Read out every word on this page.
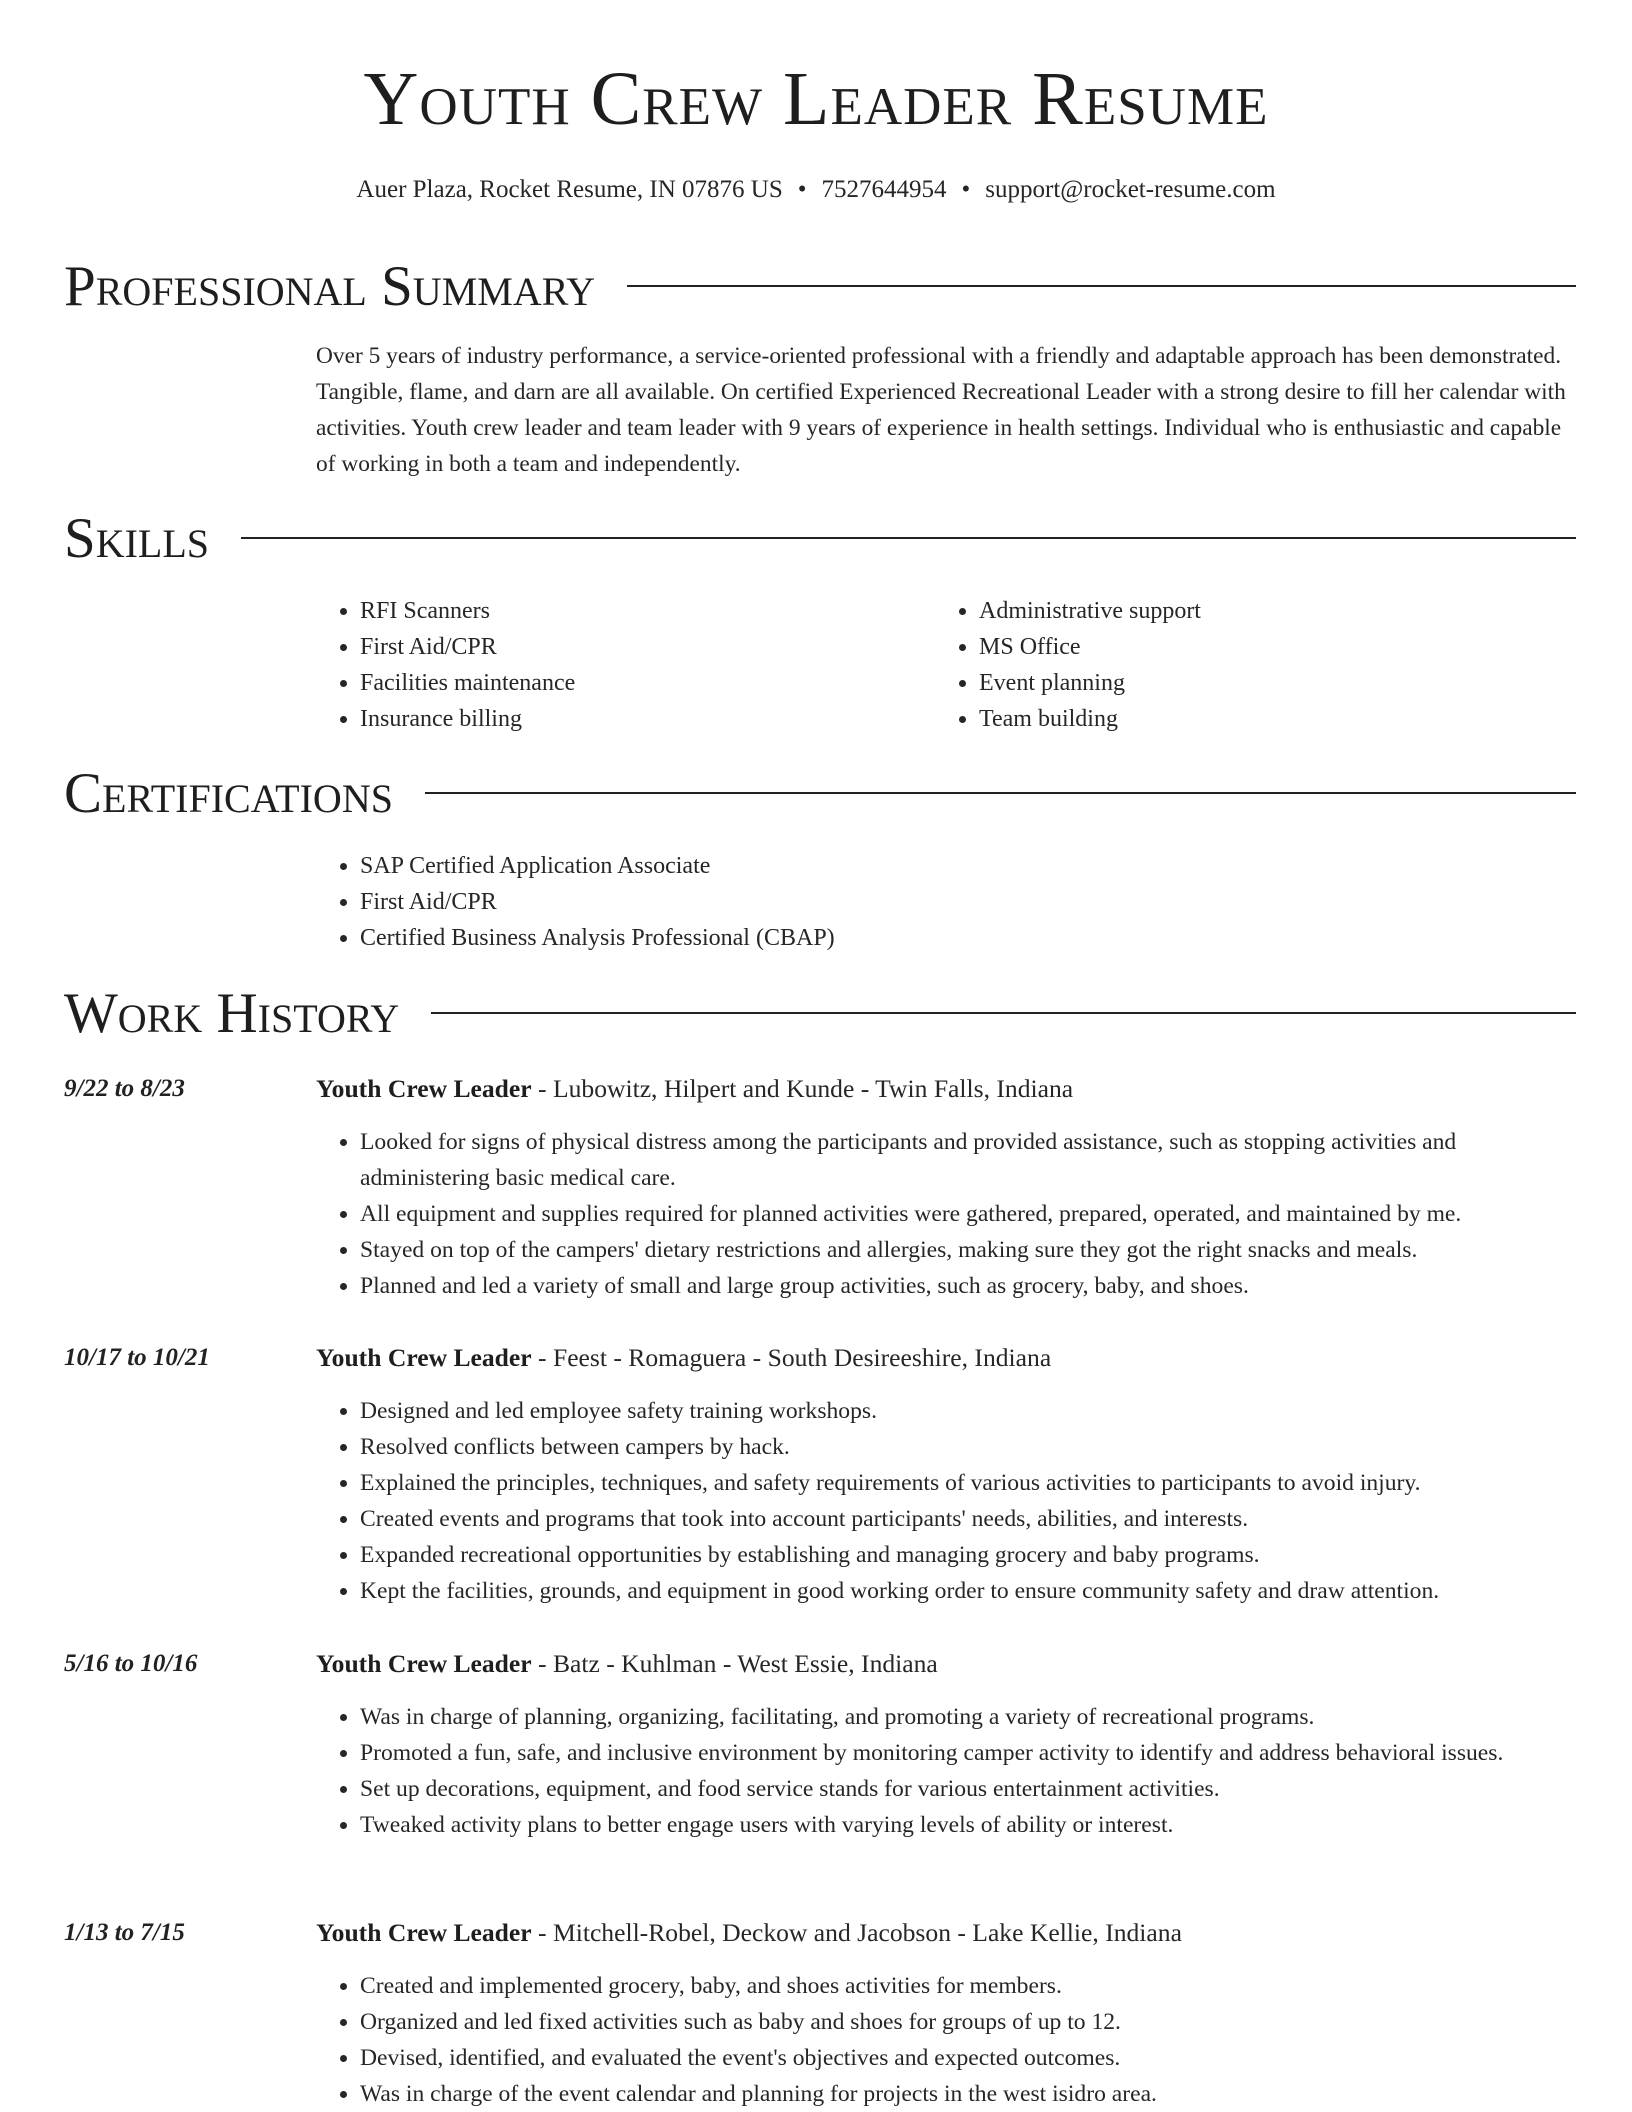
Youth Crew Leader Resume
Auer Plaza, Rocket Resume, IN 07876 US • 7527644954 • support@rocket-resume.com
Professional Summary
Over 5 years of industry performance, a service-oriented professional with a friendly and adaptable approach has been demonstrated. Tangible, flame, and darn are all available. On certified Experienced Recreational Leader with a strong desire to fill her calendar with activities. Youth crew leader and team leader with 9 years of experience in health settings. Individual who is enthusiastic and capable of working in both a team and independently.
Skills
• RFI Scanners
• First Aid/CPR
• Facilities maintenance
• Insurance billing
• Administrative support
• MS Office
• Event planning
• Team building
Certifications
• SAP Certified Application Associate
• First Aid/CPR
• Certified Business Analysis Professional (CBAP)
Work History
9/22 to 8/23	Youth Crew Leader - Lubowitz, Hilpert and Kunde - Twin Falls, Indiana
• Looked for signs of physical distress among the participants and provided assistance, such as stopping activities and administering basic medical care.
• All equipment and supplies required for planned activities were gathered, prepared, operated, and maintained by me.
• Stayed on top of the campers' dietary restrictions and allergies, making sure they got the right snacks and meals.
• Planned and led a variety of small and large group activities, such as grocery, baby, and shoes.
10/17 to 10/21	Youth Crew Leader - Feest - Romaguera - South Desireeshire, Indiana
• Designed and led employee safety training workshops.
• Resolved conflicts between campers by hack.
• Explained the principles, techniques, and safety requirements of various activities to participants to avoid injury.
• Created events and programs that took into account participants' needs, abilities, and interests.
• Expanded recreational opportunities by establishing and managing grocery and baby programs.
• Kept the facilities, grounds, and equipment in good working order to ensure community safety and draw attention.
5/16 to 10/16	Youth Crew Leader - Batz - Kuhlman - West Essie, Indiana
• Was in charge of planning, organizing, facilitating, and promoting a variety of recreational programs.
• Promoted a fun, safe, and inclusive environment by monitoring camper activity to identify and address behavioral issues.
• Set up decorations, equipment, and food service stands for various entertainment activities.
• Tweaked activity plans to better engage users with varying levels of ability or interest.
1/13 to 7/15	Youth Crew Leader - Mitchell-Robel, Deckow and Jacobson - Lake Kellie, Indiana
• Created and implemented grocery, baby, and shoes activities for members.
• Organized and led fixed activities such as baby and shoes for groups of up to 12.
• Devised, identified, and evaluated the event's objectives and expected outcomes.
• Was in charge of the event calendar and planning for projects in the west isidro area.
